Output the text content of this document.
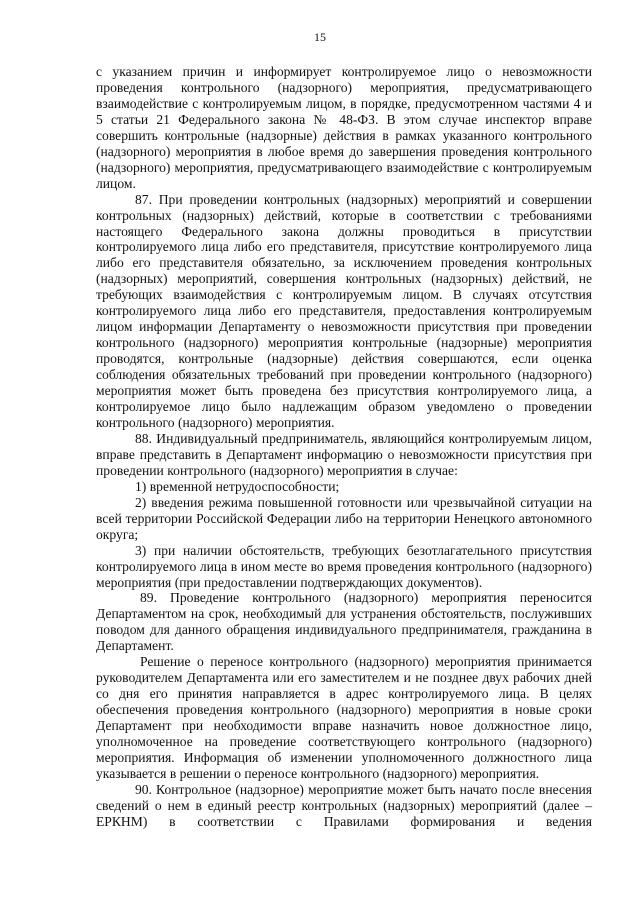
15

с указанием причин и информирует контролируемое лицо о невозможности проведения контрольного (надзорного) мероприятия, предусматривающего взаимодействие с контролируемым лицом, в порядке, предусмотренном частями 4 и 5 статьи 21 Федерального закона № 48-ФЗ. В этом случае инспектор вправе совершить контрольные (надзорные) действия в рамках указанного контрольного (надзорного) мероприятия в любое время до завершения проведения контрольного (надзорного) мероприятия, предусматривающего взаимодействие с контролируемым лицом.

87. При проведении контрольных (надзорных) мероприятий и совершении контрольных (надзорных) действий, которые в соответствии с требованиями настоящего Федерального закона должны проводиться в присутствии контролируемого лица либо его представителя, присутствие контролируемого лица либо его представителя обязательно, за исключением проведения контрольных (надзорных) мероприятий, совершения контрольных (надзорных) действий, не требующих взаимодействия с контролируемым лицом. В случаях отсутствия контролируемого лица либо его представителя, предоставления контролируемым лицом информации Департаменту о невозможности присутствия при проведении контрольного (надзорного) мероприятия контрольные (надзорные) мероприятия проводятся, контрольные (надзорные) действия совершаются, если оценка соблюдения обязательных требований при проведении контрольного (надзорного) мероприятия может быть проведена без присутствия контролируемого лица, а контролируемое лицо было надлежащим образом уведомлено о проведении контрольного (надзорного) мероприятия.

88. Индивидуальный предприниматель, являющийся контролируемым лицом, вправе представить в Департамент информацию о невозможности присутствия при проведении контрольного (надзорного) мероприятия в случае:

1) временной нетрудоспособности;

2) введения режима повышенной готовности или чрезвычайной ситуации на всей территории Российской Федерации либо на территории Ненецкого автономного округа;

3) при наличии обстоятельств, требующих безотлагательного присутствия контролируемого лица в ином месте во время проведения контрольного (надзорного) мероприятия (при предоставлении подтверждающих документов).

89. Проведение контрольного (надзорного) мероприятия переносится Департаментом на срок, необходимый для устранения обстоятельств, послуживших поводом для данного обращения индивидуального предпринимателя, гражданина в Департамент.

Решение о переносе контрольного (надзорного) мероприятия принимается руководителем Департамента или его заместителем и не позднее двух рабочих дней со дня его принятия направляется в адрес контролируемого лица. В целях обеспечения проведения контрольного (надзорного) мероприятия в новые сроки Департамент при необходимости вправе назначить новое должностное лицо, уполномоченное на проведение соответствующего контрольного (надзорного) мероприятия. Информация об изменении уполномоченного должностного лица указывается в решении о переносе контрольного (надзорного) мероприятия.

90. Контрольное (надзорное) мероприятие может быть начато после внесения сведений о нем в единый реестр контрольных (надзорных) мероприятий (далее – ЕРКНМ) в соответствии с Правилами формирования и ведения
